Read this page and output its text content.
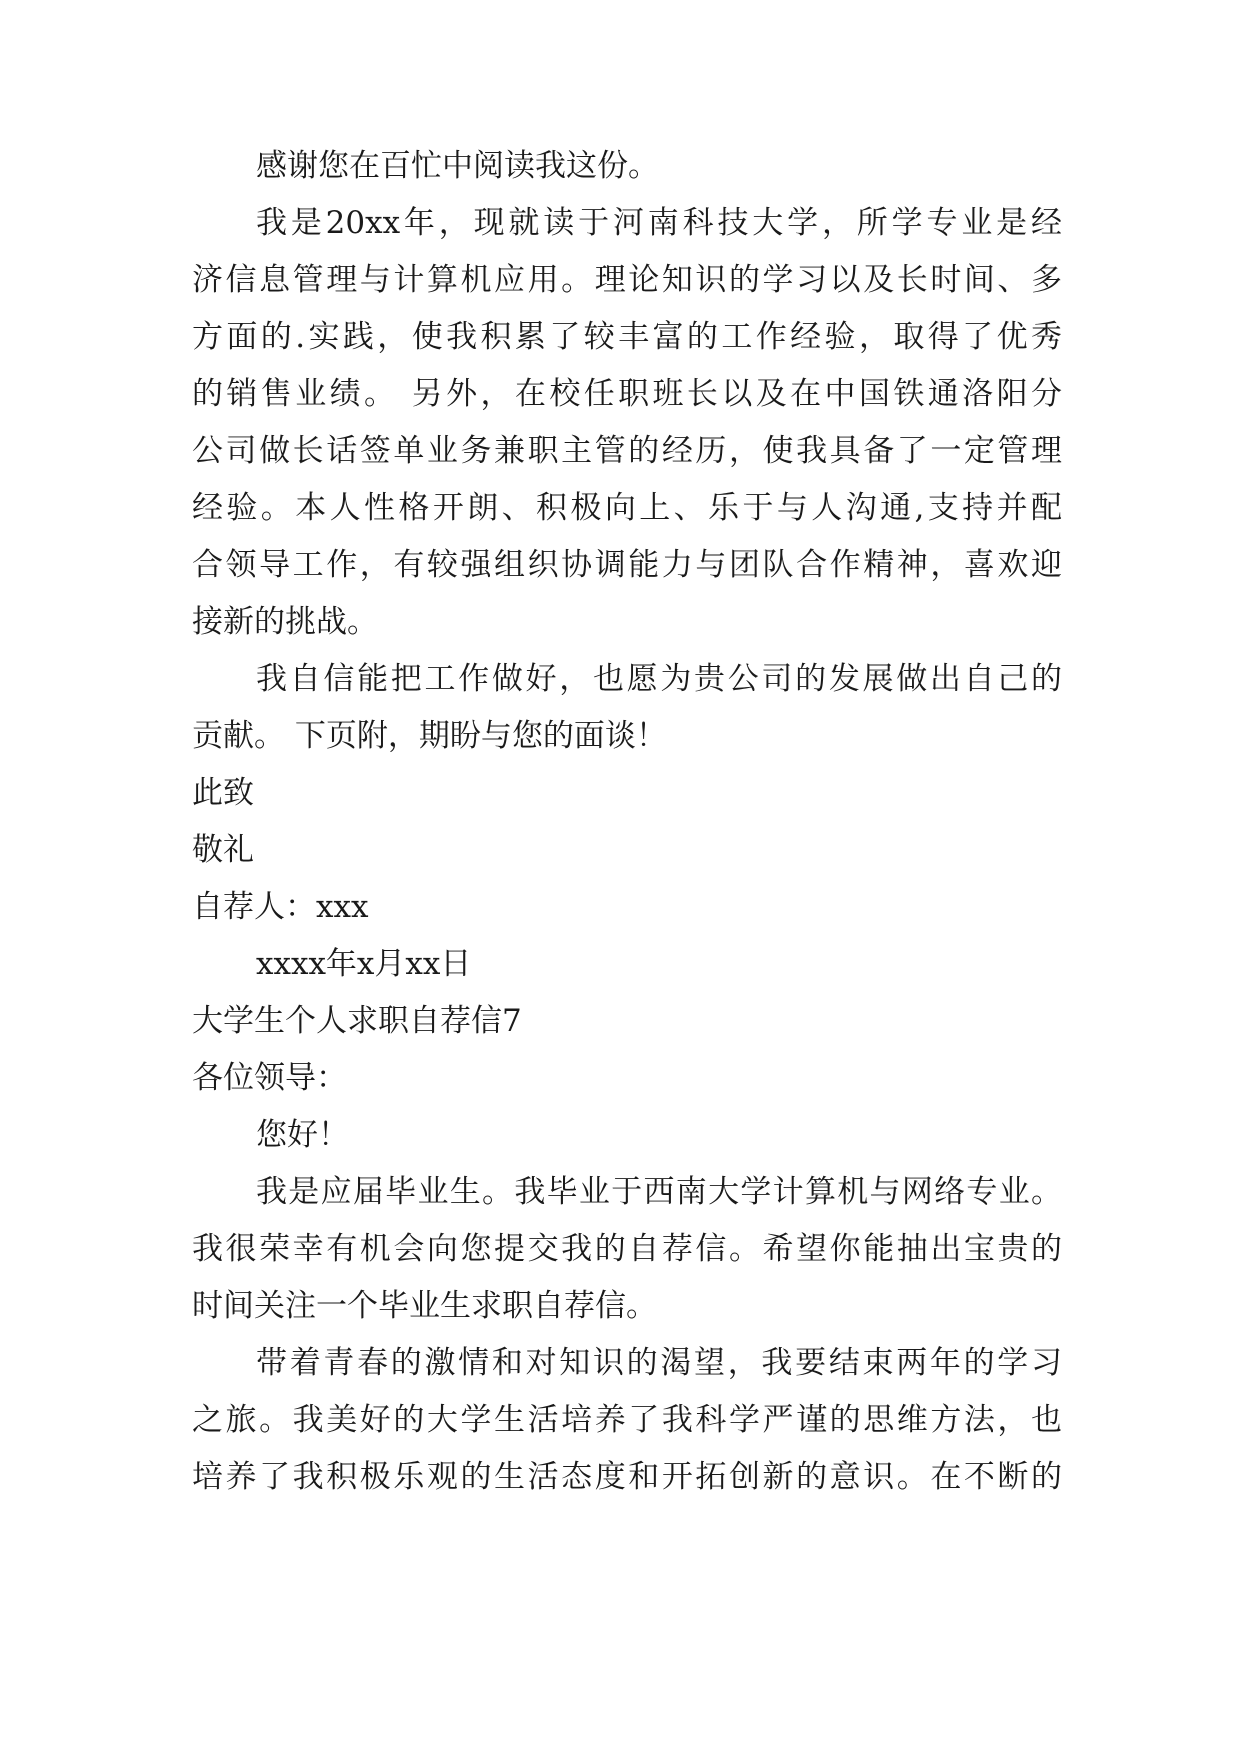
感谢您在百忙中阅读我这份。
我是20xx年，现就读于河南科技大学，所学专业是经
济信息管理与计算机应用。理论知识的学习以及长时间、多
方面的.实践，使我积累了较丰富的工作经验，取得了优秀
的销售业绩。 另外，在校任职班长以及在中国铁通洛阳分
公司做长话签单业务兼职主管的经历，使我具备了一定管理
经验。本人性格开朗、积极向上、乐于与人沟通,支持并配
合领导工作，有较强组织协调能力与团队合作精神，喜欢迎
接新的挑战。
我自信能把工作做好，也愿为贵公司的发展做出自己的
贡献。 下页附，期盼与您的面谈！
此致
敬礼
自荐人：xxx
xxxx年x月xx日
大学生个人求职自荐信7
各位领导：
您好！
我是应届毕业生。我毕业于西南大学计算机与网络专业。
我很荣幸有机会向您提交我的自荐信。希望你能抽出宝贵的
时间关注一个毕业生求职自荐信。
带着青春的激情和对知识的渴望，我要结束两年的学习
之旅。我美好的大学生活培养了我科学严谨的思维方法，也
培养了我积极乐观的生活态度和开拓创新的意识。在不断的
